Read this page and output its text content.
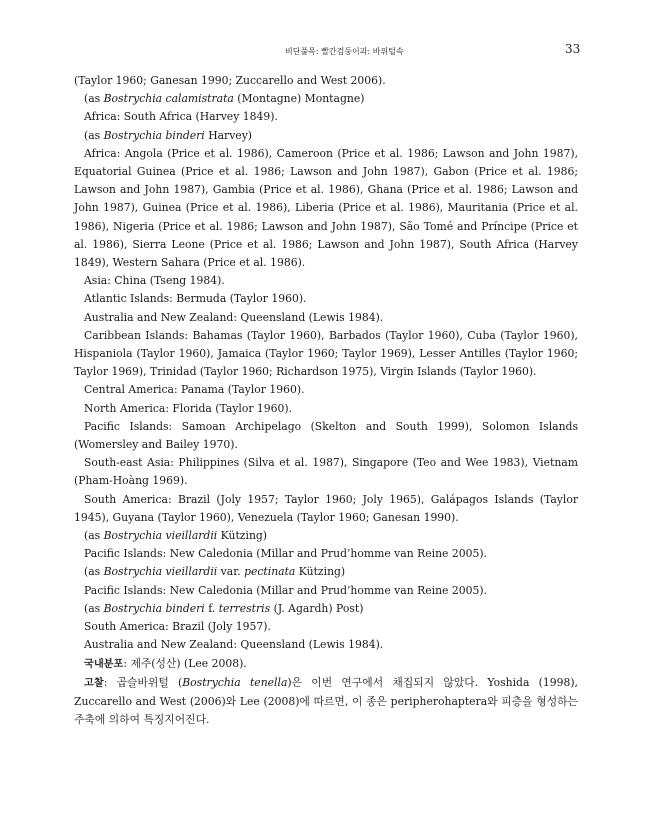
비단풀목: 빨간검둥이과: 바위털속	33

(Taylor 1960; Ganesan 1990; Zuccarello and West 2006).

(as Bostrychia calamistrata (Montagne) Montagne)

Africa: South Africa (Harvey 1849).

(as Bostrychia binderi Harvey)

Africa: Angola (Price et al. 1986), Cameroon (Price et al. 1986; Lawson and John 1987), Equatorial Guinea (Price et al. 1986; Lawson and John 1987), Gabon (Price et al. 1986; Lawson and John 1987), Gambia (Price et al. 1986), Ghana (Price et al. 1986; Lawson and John 1987), Guinea (Price et al. 1986), Liberia (Price et al. 1986), Mauritania (Price et al. 1986), Nigeria (Price et al. 1986; Lawson and John 1987), São Tomé and Príncipe (Price et al. 1986), Sierra Leone (Price et al. 1986; Lawson and John 1987), South Africa (Harvey 1849), Western Sahara (Price et al. 1986).

Asia: China (Tseng 1984).

Atlantic Islands: Bermuda (Taylor 1960).

Australia and New Zealand: Queensland (Lewis 1984).

Caribbean Islands: Bahamas (Taylor 1960), Barbados (Taylor 1960), Cuba (Taylor 1960), Hispaniola (Taylor 1960), Jamaica (Taylor 1960; Taylor 1969), Lesser Antilles (Taylor 1960; Taylor 1969), Trinidad (Taylor 1960; Richardson 1975), Virgin Islands (Taylor 1960).

Central America: Panama (Taylor 1960).

North America: Florida (Taylor 1960).

Pacific Islands: Samoan Archipelago (Skelton and South 1999), Solomon Islands (Womersley and Bailey 1970).

South-east Asia: Philippines (Silva et al. 1987), Singapore (Teo and Wee 1983), Vietnam (Pham-Hoàng 1969).

South America: Brazil (Joly 1957; Taylor 1960; Joly 1965), Galápagos Islands (Taylor 1945), Guyana (Taylor 1960), Venezuela (Taylor 1960; Ganesan 1990).

(as Bostrychia vieillardii Kützing)

Pacific Islands: New Caledonia (Millar and Prud’homme van Reine 2005).

(as Bostrychia vieillardii var. pectinata Kützing)

Pacific Islands: New Caledonia (Millar and Prud’homme van Reine 2005).

(as Bostrychia binderi f. terrestris (J. Agardh) Post)

South America: Brazil (Joly 1957).

Australia and New Zealand: Queensland (Lewis 1984).

국내분포: 제주(성산) (Lee 2008).

고찰: 곱슬바위털 (Bostrychia tenella)은 이번 연구에서 채집되지 않았다. Yoshida (1998), Zuccarello and West (2006)와 Lee (2008)에 따르면, 이 종은 peripherohaptera와 피층을 형성하는 주축에 의하여 특징지어진다.
